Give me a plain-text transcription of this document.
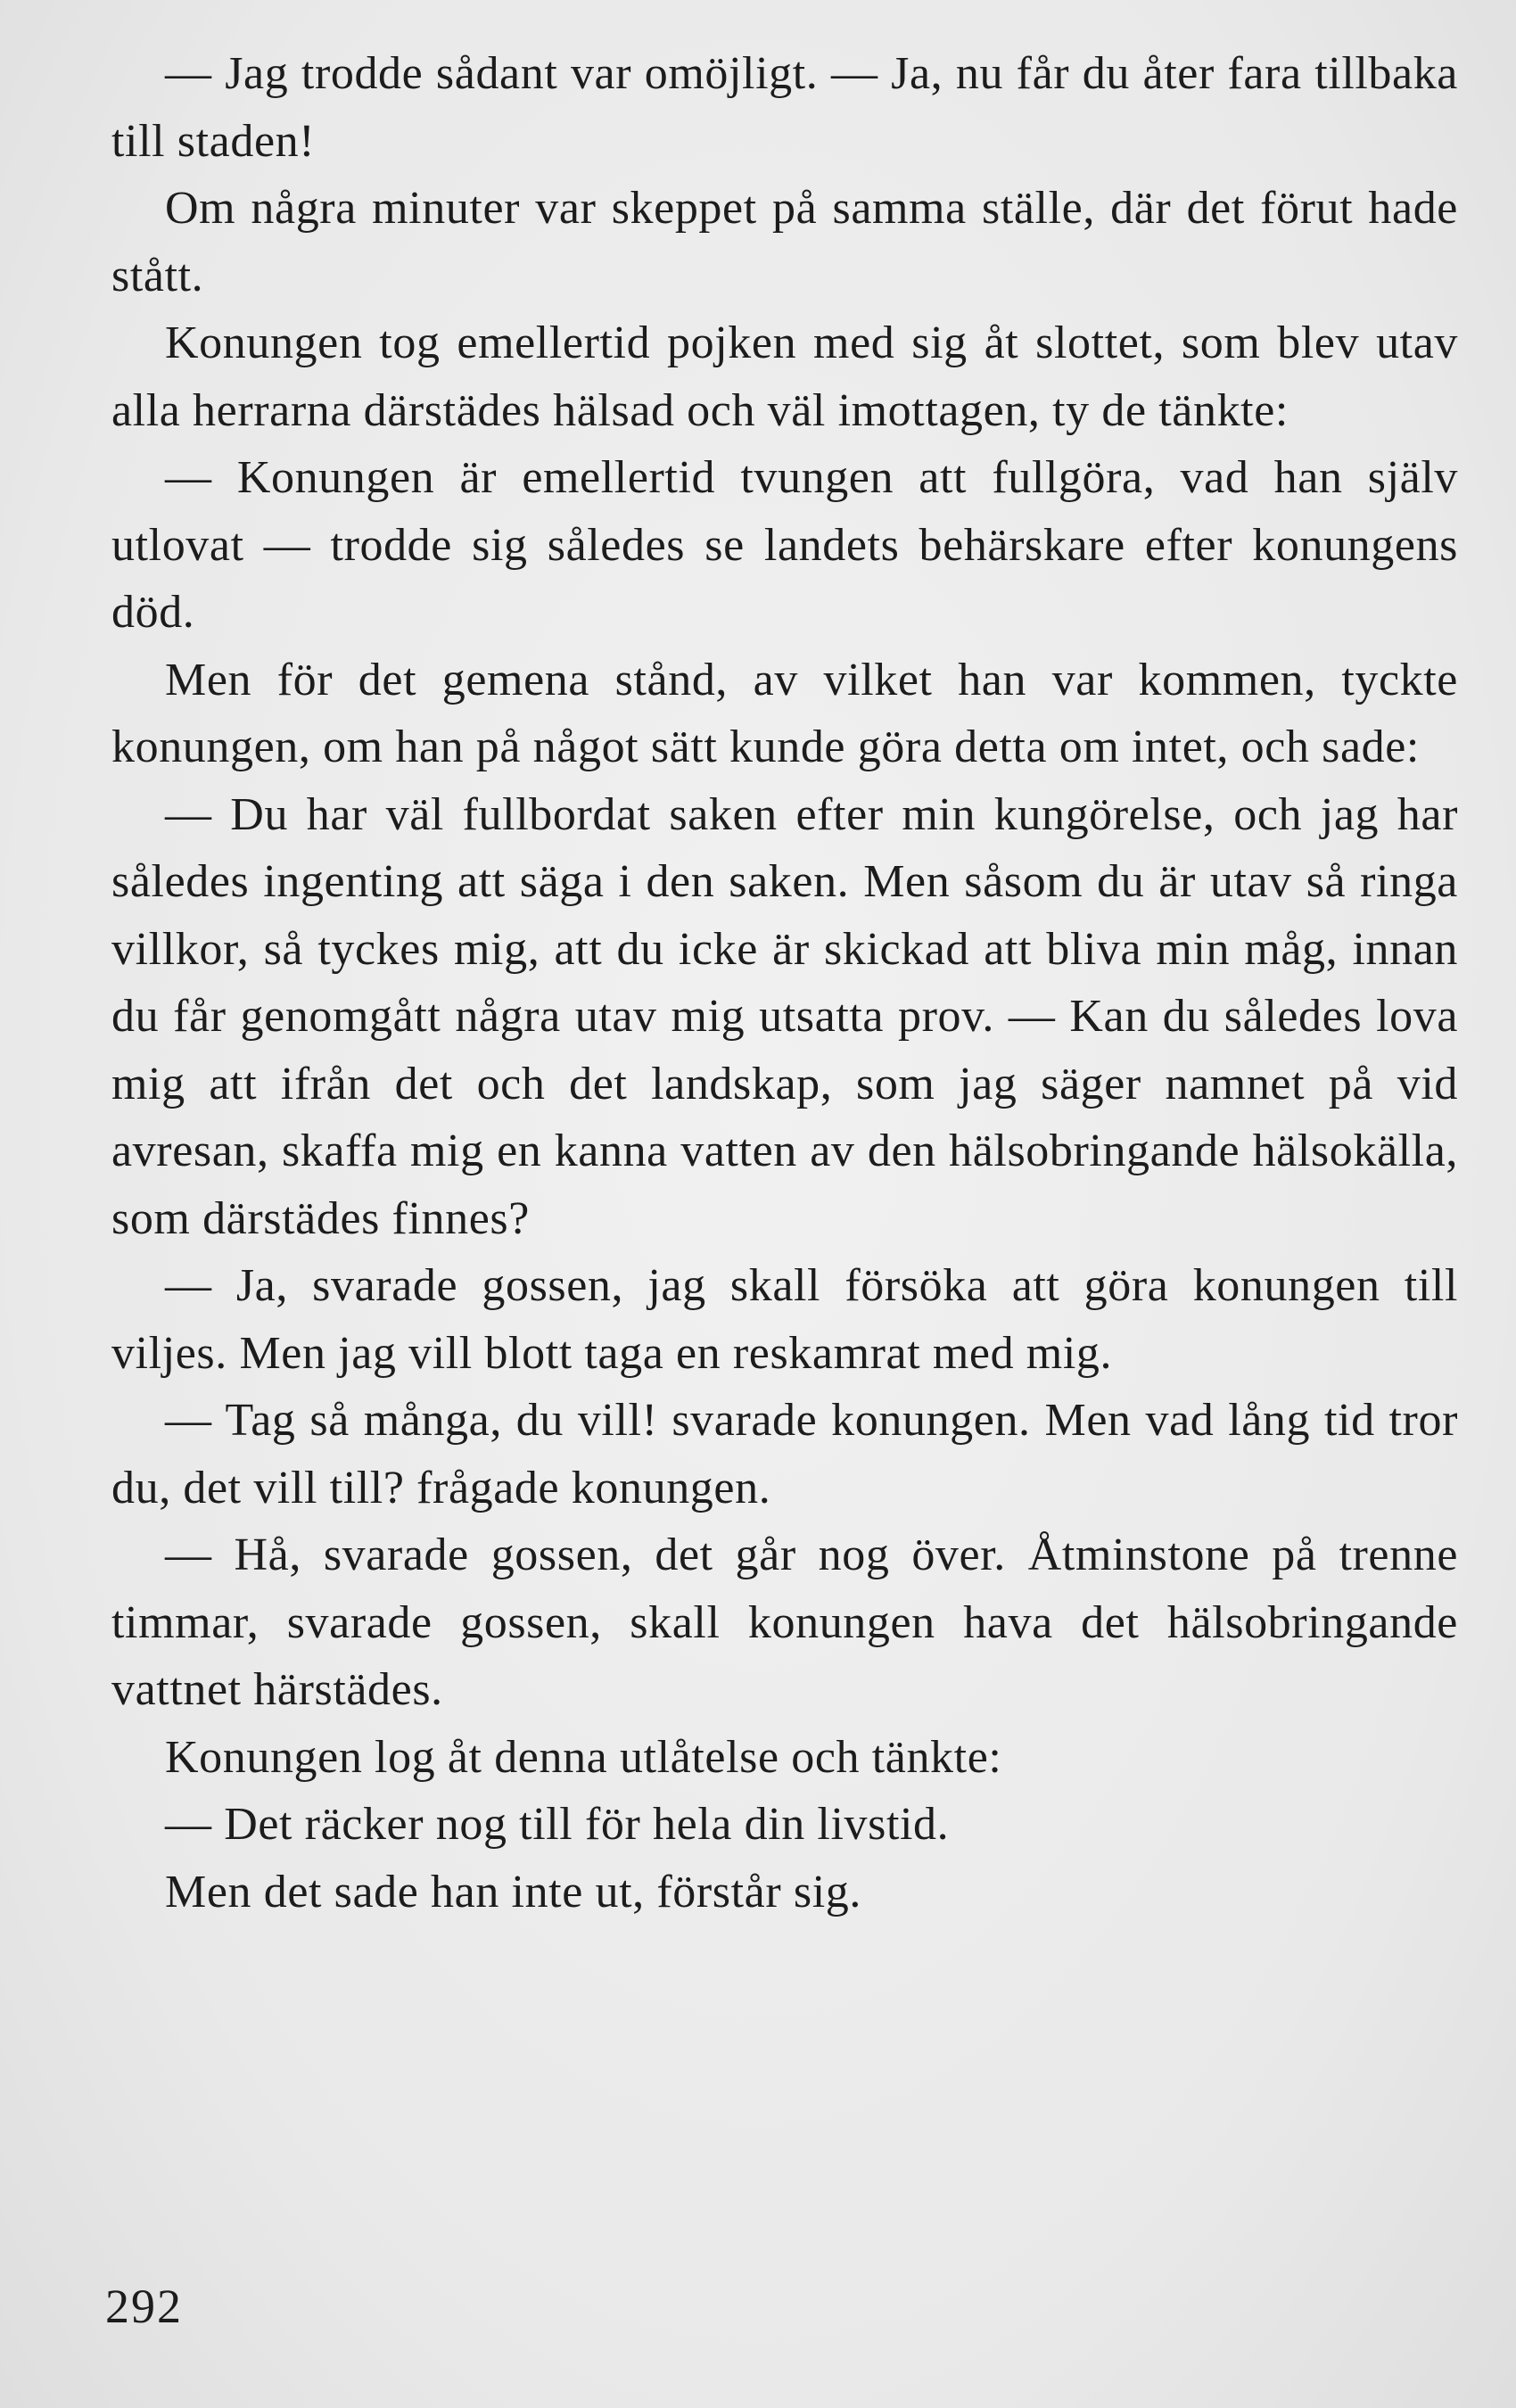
— Jag trodde sådant var omöjligt. — Ja, nu får du åter fara tillbaka till staden!

Om några minuter var skeppet på samma ställe, där det förut hade stått.

Konungen tog emellertid pojken med sig åt slottet, som blev utav alla herrarna därstädes hälsad och väl imottagen, ty de tänkte:

— Konungen är emellertid tvungen att fullgöra, vad han själv utlovat — trodde sig således se landets behärskare efter konungens död.

Men för det gemena stånd, av vilket han var kommen, tyckte konungen, om han på något sätt kunde göra detta om intet, och sade:

— Du har väl fullbordat saken efter min kungörelse, och jag har således ingenting att säga i den saken. Men såsom du är utav så ringa villkor, så tyckes mig, att du icke är skickad att bliva min måg, innan du får genomgått några utav mig utsatta prov. — Kan du således lova mig att ifrån det och det landskap, som jag säger namnet på vid avresan, skaffa mig en kanna vatten av den hälsobringande hälsokälla, som därstädes finnes?

— Ja, svarade gossen, jag skall försöka att göra konungen till viljes. Men jag vill blott taga en reskamrat med mig.

— Tag så många, du vill! svarade konungen. Men vad lång tid tror du, det vill till? frågade konungen.

— Hå, svarade gossen, det går nog över. Åtminstone på trenne timmar, svarade gossen, skall konungen hava det hälsobringande vattnet härstädes.

Konungen log åt denna utlåtelse och tänkte:

— Det räcker nog till för hela din livstid.

Men det sade han inte ut, förstår sig.

292
